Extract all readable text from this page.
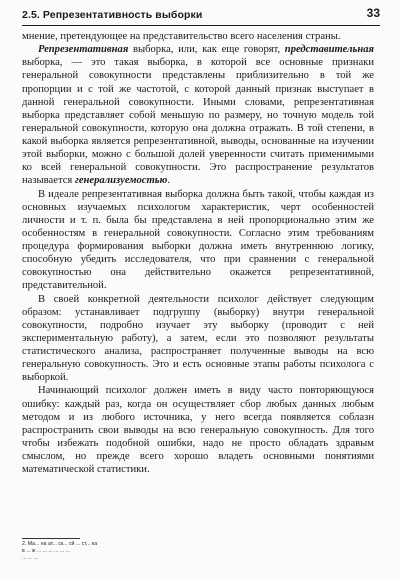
2.5. Репрезентативность выборки	33

мнение, претендующее на представительство всего населения страны.

Репрезентативная выборка, или, как еще говорят, представительная выборка, — это такая выборка, в которой все основные признаки генеральной совокупности представлены приблизительно в той же пропорции и с той же частотой, с которой данный признак выступает в данной генеральной совокупности. Иными словами, репрезентативная выборка представляет собой меньшую по размеру, но точную модель той генеральной совокупности, которую она должна отражать. В той степени, в какой выборка является репрезентативной, выводы, основанные на изучении этой выборки, можно с большой долей уверенности считать применимыми ко всей генеральной совокупности. Это распространение результатов называется генерализуемостью.

В идеале репрезентативная выборка должна быть такой, чтобы каждая из основных изучаемых психологом характеристик, черт особенностей личности и т. п. была бы представлена в ней пропорционально этим же особенностям в генеральной совокупности. Согласно этим требованиям процедура формирования выборки должна иметь внутреннюю логику, способную убедить исследователя, что при сравнении с генеральной совокупностью она действительно окажется репрезентативной, представительной.

В своей конкретной деятельности психолог действует следующим образом: устанавливает подгруппу (выборку) внутри генеральной совокупности, подробно изучает эту выборку (проводит с ней экспериментальную работу), а затем, если это позволяют результаты статистического анализа, распространяет полученные выводы на всю генеральную совокупность. Это и есть основные этапы работы психолога с выборкой.

Начинающий психолог должен иметь в виду часто повторяющуюся ошибку: каждый раз, когда он осуществляет сбор любых данных любым методом и из любого источника, у него всегда появляется соблазн распространить свои выводы на всю генеральную совокупность. Для того чтобы избежать подобной ошибки, надо не просто обладать здравым смыслом, но прежде всего хорошо владеть основными понятиями математической статистики.

2. Ма... на ат... ск... сй ... ст... ка
в ... ж ... ... ... ... ... ...
... ... ...
